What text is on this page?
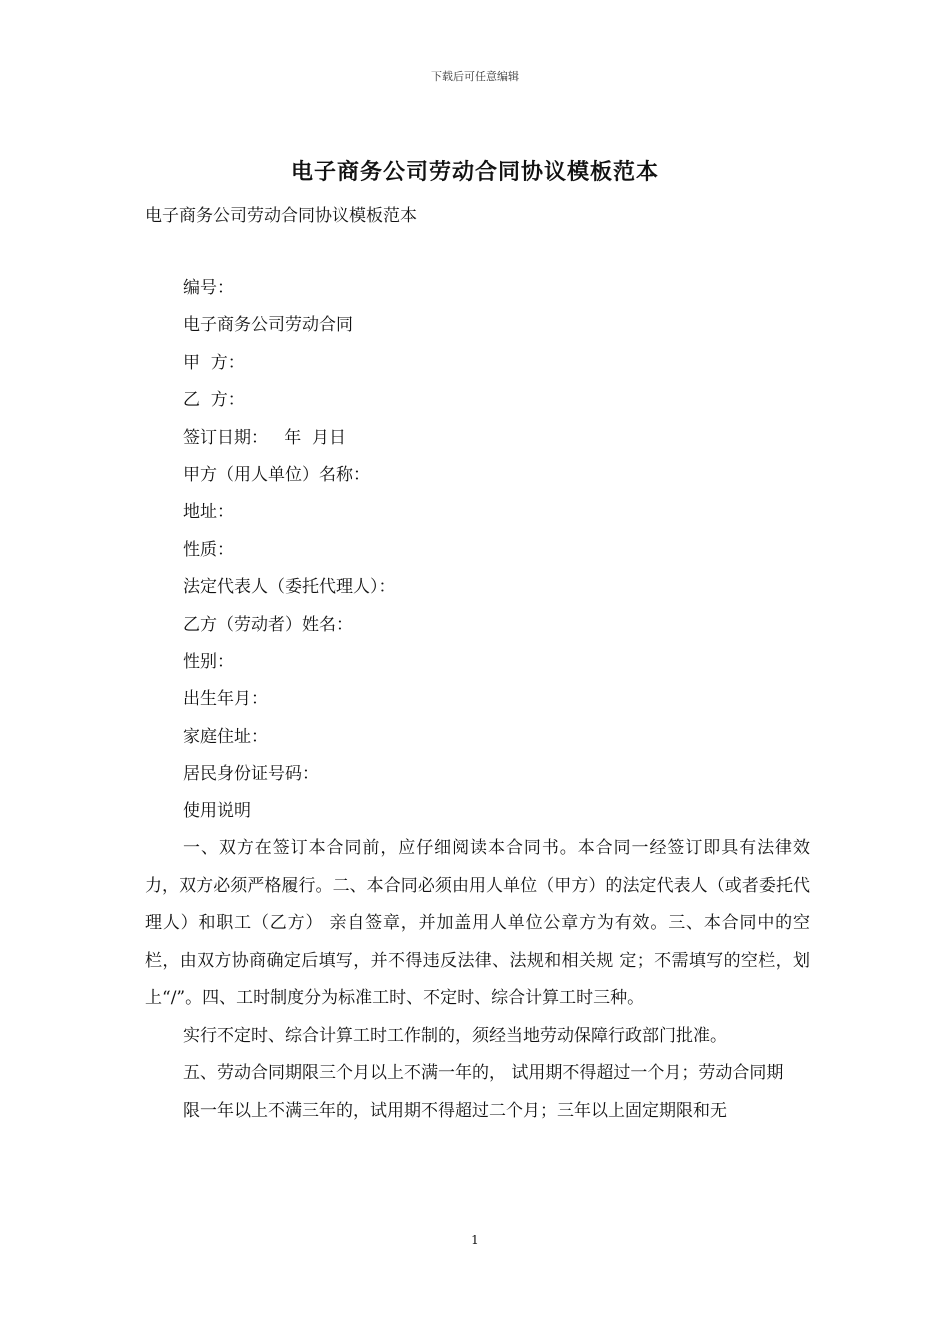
下载后可任意编辑
电子商务公司劳动合同协议模板范本
电子商务公司劳动合同协议模板范本
编号：
电子商务公司劳动合同
甲  方：
乙  方：
签订日期：   年  月日
甲方（用人单位）名称：
地址：
性质：
法定代表人（委托代理人）：
乙方（劳动者）姓名：
性别：
出生年月：
家庭住址：
居民身份证号码：
使用说明

一、双方在签订本合同前，应仔细阅读本合同书。本合同一经签订即具有法律效 力，双方必须严格履行。二、本合同必须由用人单位（甲方）的法定代表人（或者委托代理人）和职工（乙方） 亲自签章，并加盖用人单位公章方为有效。三、本合同中的空栏，由双方协商确定后填写，并不得违反法律、法规和相关规 定；不需填写的空栏，划上“/”。四、工时制度分为标准工时、不定时、综合计算工时三种。

实行不定时、综合计算工时工作制的，须经当地劳动保障行政部门批准。

五、劳动合同期限三个月以上不满一年的， 试用期不得超过一个月；劳动合同期

限一年以上不满三年的，试用期不得超过二个月；三年以上固定期限和无

1
